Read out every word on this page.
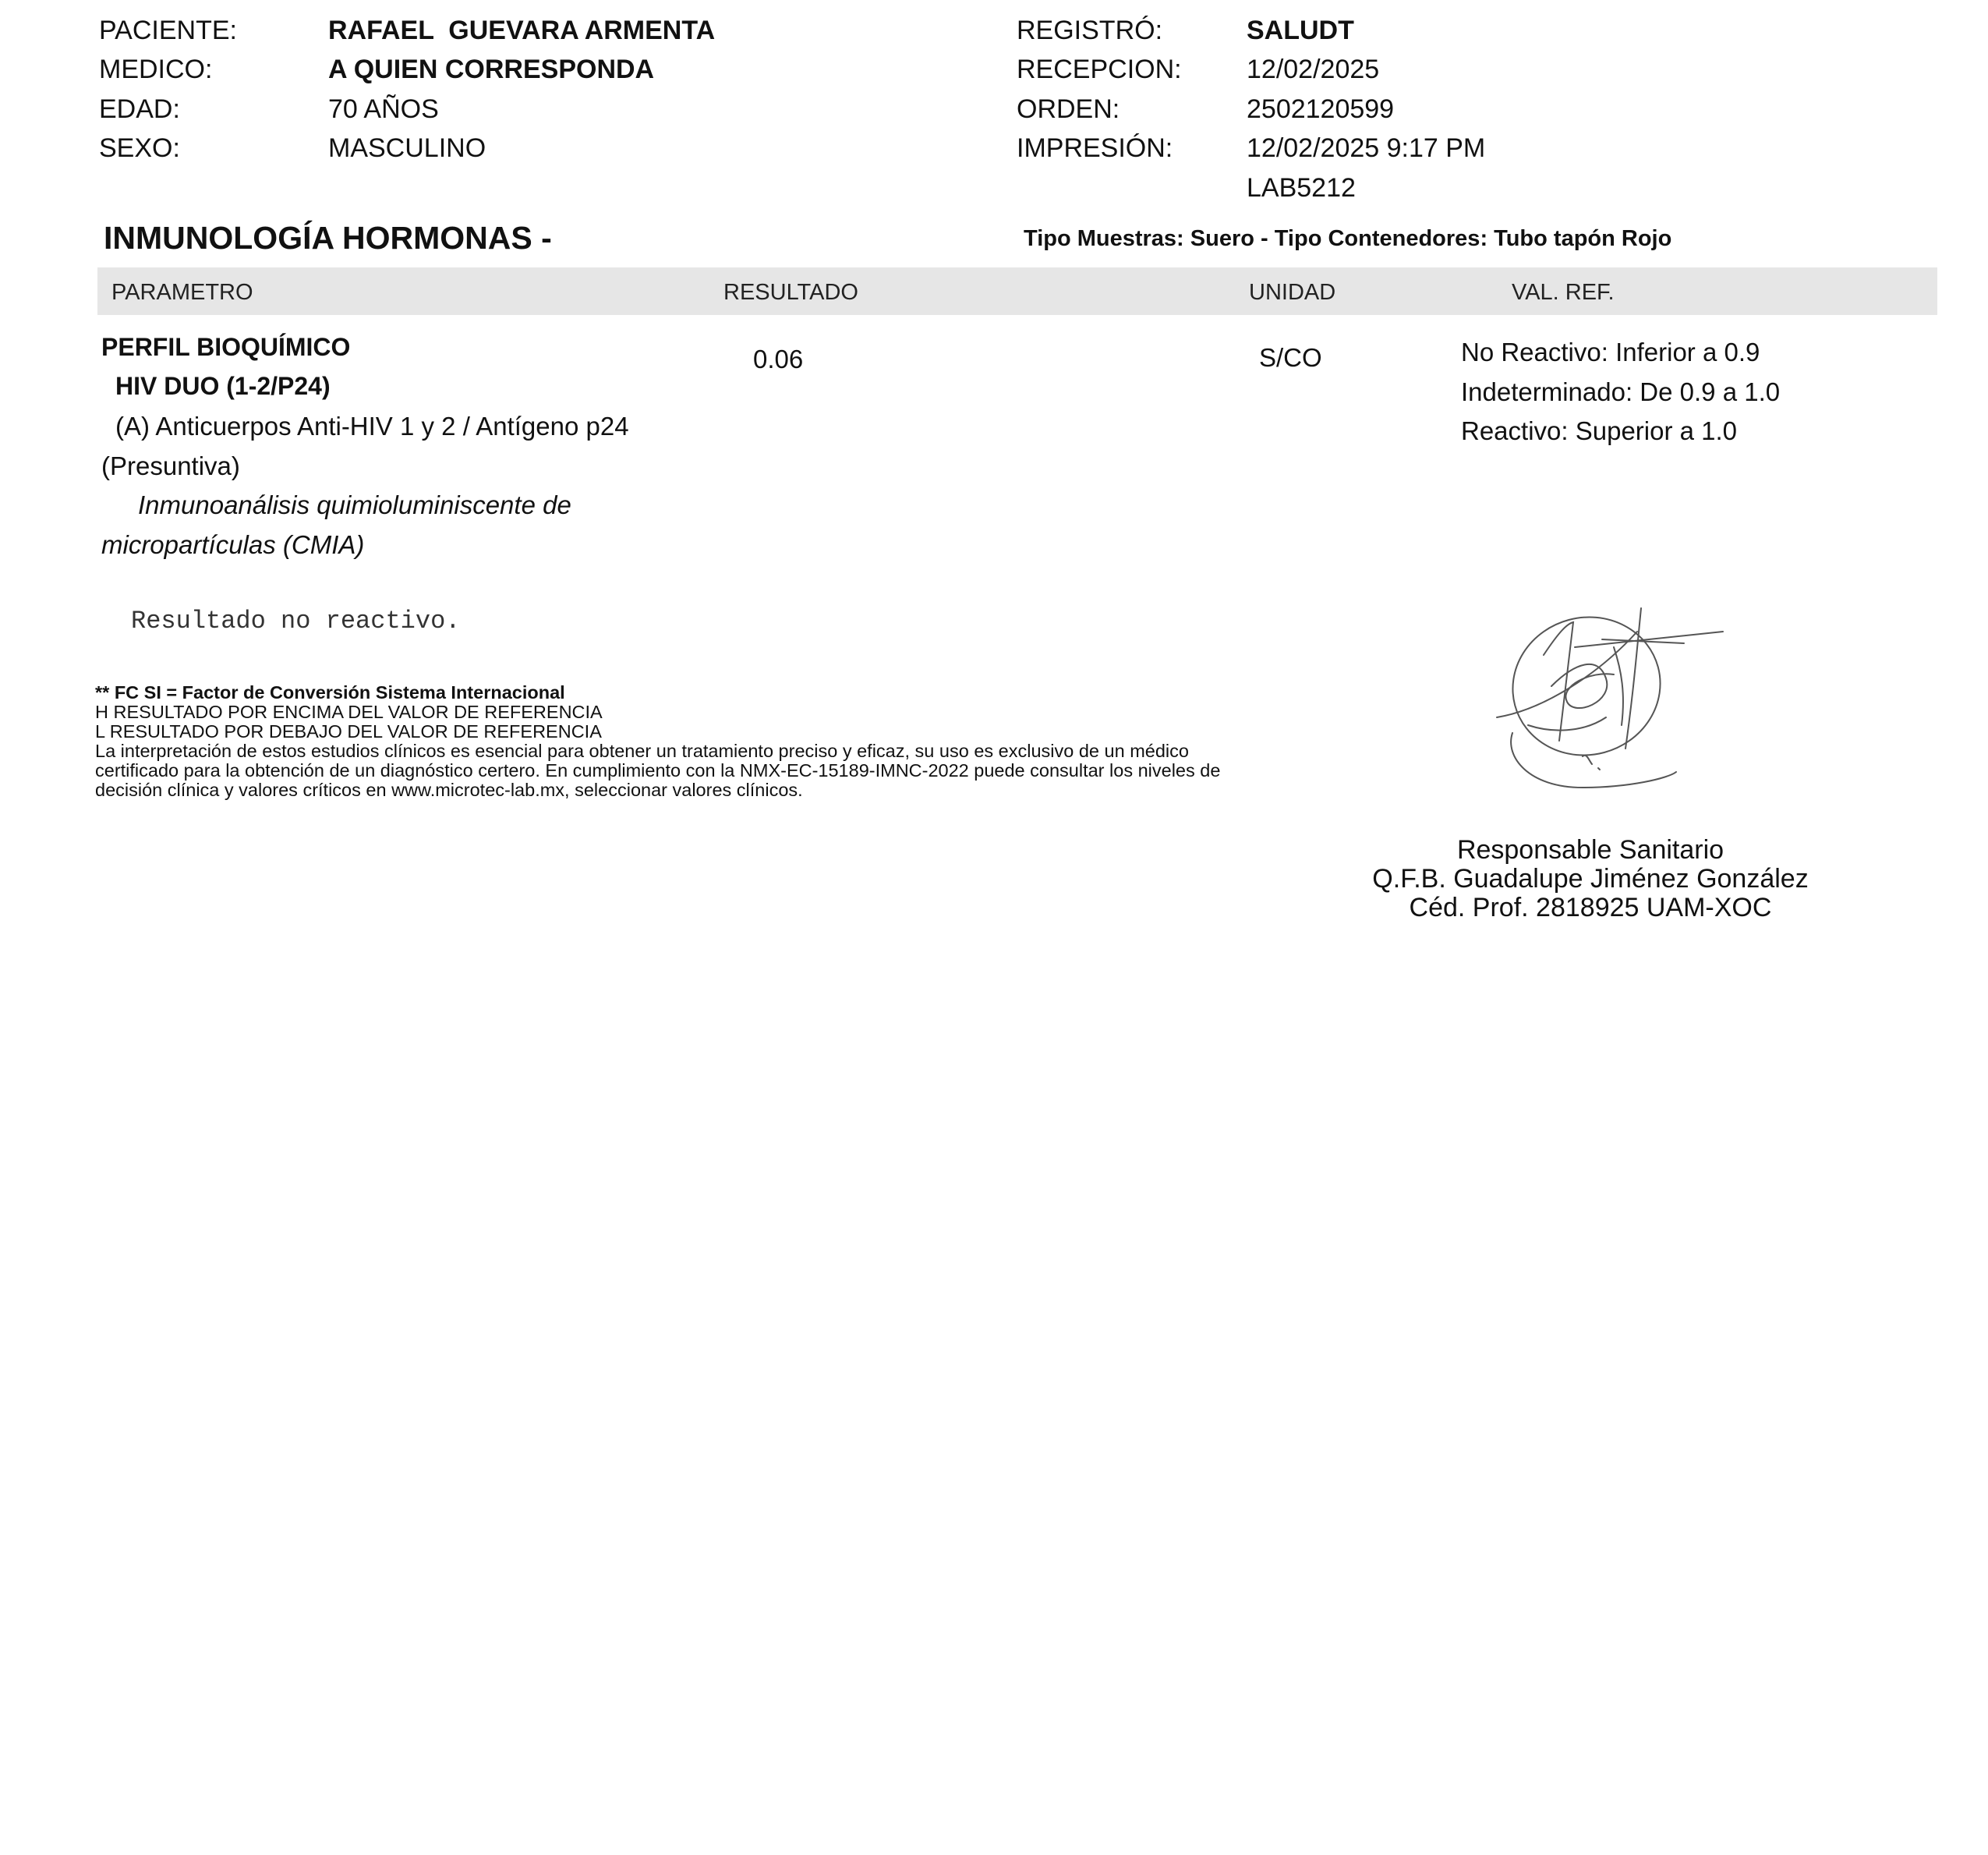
PACIENTE:	RAFAEL  GUEVARA ARMENTA
MEDICO:	A QUIEN CORRESPONDA
EDAD:	70 AÑOS
SEXO:	MASCULINO
REGISTRÓ:	SALUDT
RECEPCION: 12/02/2025
ORDEN:	2502120599
IMPRESIÓN:	12/02/2025 9:17 PM
LAB5212
INMUNOLOGÍA HORMONAS -	Tipo Muestras: Suero - Tipo Contenedores: Tubo tapón Rojo
PARAMETRO	RESULTADO	UNIDAD	VAL. REF.
PERFIL BIOQUÍMICO
HIV DUO (1-2/P24)
(A) Anticuerpos Anti-HIV 1 y 2 / Antígeno p24
(Presuntiva)
Inmunoanálisis quimioluminiscente de
micropartículas (CMIA)
0.06	S/CO	No Reactivo: Inferior a 0.9
Indeterminado: De 0.9 a 1.0
Reactivo: Superior a 1.0
Resultado no reactivo.
** FC SI = Factor de Conversión Sistema Internacional
H RESULTADO POR ENCIMA DEL VALOR DE REFERENCIA
L RESULTADO POR DEBAJO DEL VALOR DE REFERENCIA
La interpretación de estos estudios clínicos es esencial para obtener un tratamiento preciso y eficaz, su uso es exclusivo de un médico
certificado para la obtención de un diagnóstico certero. En cumplimiento con la NMX-EC-15189-IMNC-2022 puede consultar los niveles de
decisión clínica y valores críticos en www.microtec-lab.mx, seleccionar valores clínicos.
Responsable Sanitario
Q.F.B. Guadalupe Jiménez González
Céd. Prof. 2818925 UAM-XOC
